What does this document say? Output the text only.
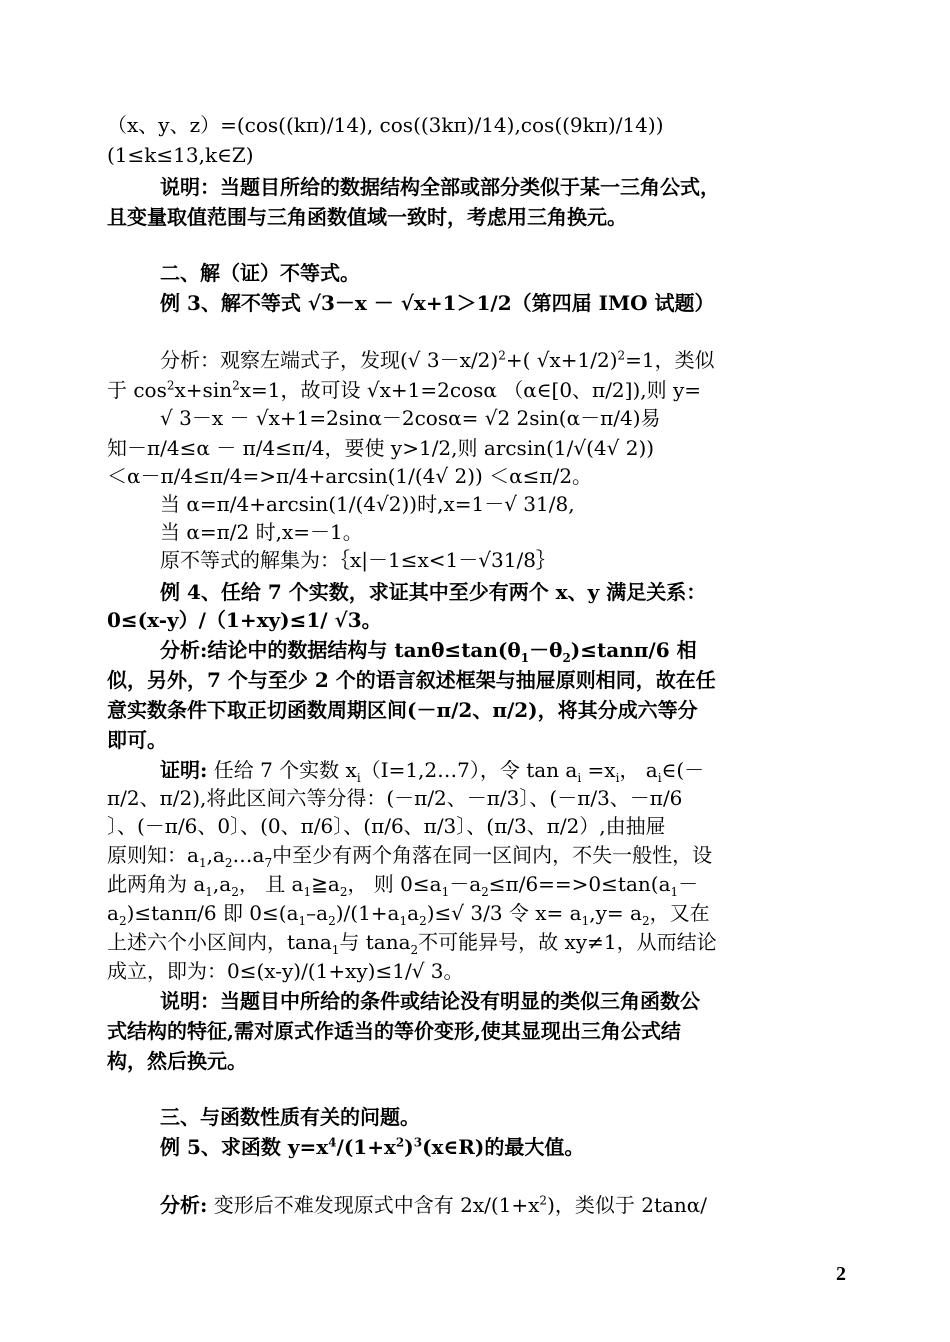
（x、y、z）=(cos((kπ)/14), cos((3kπ)/14),cos((9kπ)/14))
(1≤k≤13,k∈Z)
说明：当题目所给的数据结构全部或部分类似于某一三角公式，
且变量取值范围与三角函数值域一致时，考虑用三角换元。
二、解（证）不等式。
例 3、解不等式 √3－x － √x+1＞1/2（第四届 IMO 试题）
分析：观察左端式子，发现(√ 3－x/2)$^2$+( √x+1/2)$^2$=1，类似
于 $\cos^2x+\sin^2x=1$，故可设 √x+1=2cosα （α∈[0、π/2]),则 y=
√ 3－x － √x+1=2sinα－2cosα= √2 2sin(α－π/4)易
知－π/4≤α － π/4≤π/4，要使 y>1/2,则 arcsin(1/√(4√ 2))
＜α－π/4≤π/4=>π/4+arcsin(1/(4√ 2)) ＜α≤π/2。
当 α=π/4+arcsin(1/(4√2))时,x=1－√ 31/8,
当 α=π/2 时,x=－1。
原不等式的解集为：｛x|－1≤x<1－√31/8｝
例 4、任给 7 个实数，求证其中至少有两个 x、y 满足关系：
0≤(x-y）/（1+xy)≤1/ √3。
分析:结论中的数据结构与 $\tan\theta\le\tan(\theta_1-\theta_2)\le\tan\pi/6$ 相
似，另外，7 个与至少 2 个的语言叙述框架与抽屉原则相同，故在任
意实数条件下取正切函数周期区间(－π/2、π/2)，将其分成六等分
即可。
证明: 任给 7 个实数 $x_i(I=1,2\dots 7)$，令 $\tan a_i =x_i$， $a_i\in(-$
π/2、π/2),将此区间六等分得：(－π/2、－π/3〕、(－π/3、－π/6
〕、(－π/6、0〕、(0、π/6〕、(π/6、π/3〕、(π/3、π/2）,由抽屉
原则知：$a_1,a_2\dots a_7$中至少有两个角落在同一区间内，不失一般性，设
此两角为 $a_1,a_2$， 且 $a_1≧a_2$， 则 $0\le a_1-a_2\le\pi/6==>0\le\tan(a_1-$
$a_2)\le\tan\pi/6$ 即 $0\le(a_1-a_2)/(1+a_1a_2)\le√$ 3/3 令 $x= a_1,y= a_2$，又在
上述六个小区间内，tana$_1$与 tana$_2$不可能异号，故 xy≠1，从而结论
成立，即为：0≤(x-y)/(1+xy)≤1/√ 3。
说明：当题目中所给的条件或结论没有明显的类似三角函数公
式结构的特征,需对原式作适当的等价变形,使其显现出三角公式结
构，然后换元。
三、与函数性质有关的问题。
例 5、求函数 $y=x^4/(1+x^2)^3(x\in R)$的最大值。
分析: 变形后不难发现原式中含有 $2x/(1+x^2)$，类似于 2tanα/
2
